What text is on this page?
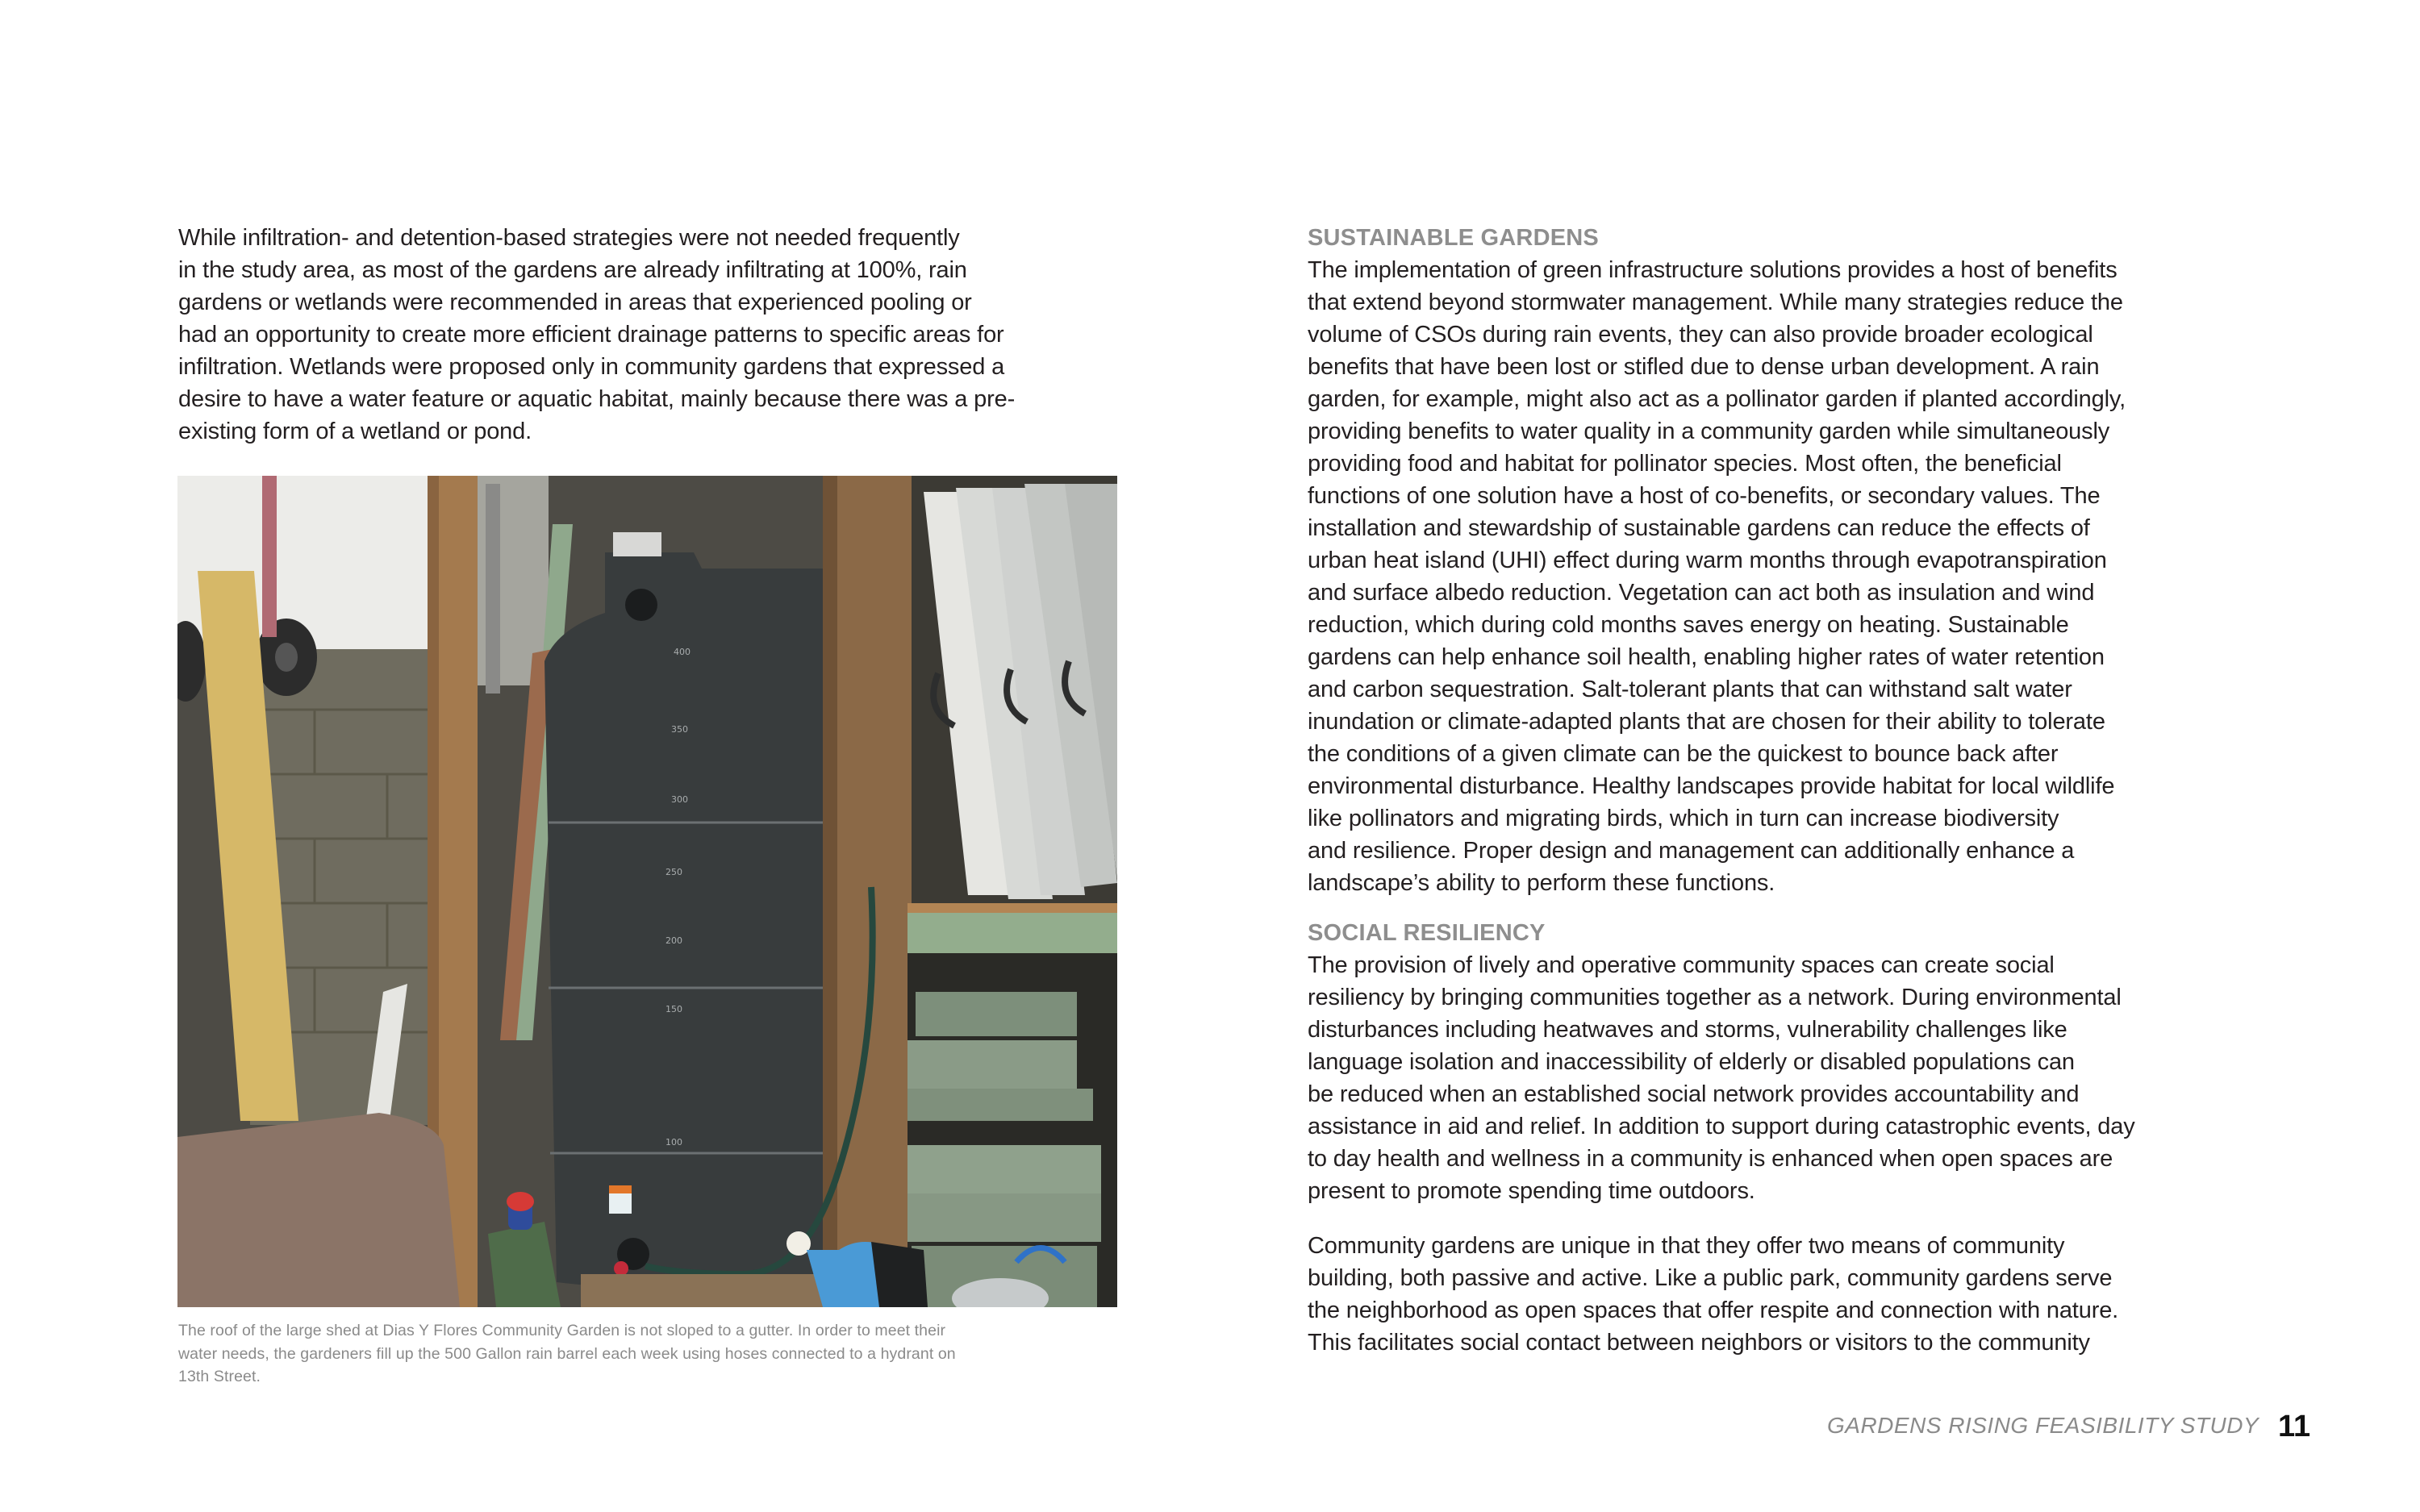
While infiltration- and detention-based strategies were not needed frequently
in the study area, as most of the gardens are already infiltrating at 100%, rain
gardens or wetlands were recommended in areas that experienced pooling or
had an opportunity to create more efficient drainage patterns to specific areas for
infiltration. Wetlands were proposed only in community gardens that expressed a
desire to have a water feature or aquatic habitat, mainly because there was a pre-
existing form of a wetland or pond.
400
350
300
250
200
150
100
The roof of the large shed at Dias Y Flores Community Garden is not sloped to a gutter. In order to meet their
water needs, the gardeners fill up the 500 Gallon rain barrel each week using hoses connected to a hydrant on
13th Street.
SUSTAINABLE GARDENS
The implementation of green infrastructure solutions provides a host of benefits
that extend beyond stormwater management. While many strategies reduce the
volume of CSOs during rain events, they can also provide broader ecological
benefits that have been lost or stifled due to dense urban development. A rain
garden, for example, might also act as a pollinator garden if planted accordingly,
providing benefits to water quality in a community garden while simultaneously
providing food and habitat for pollinator species. Most often, the beneficial
functions of one solution have a host of co-benefits, or secondary values. The
installation and stewardship of sustainable gardens can reduce the effects of
urban heat island (UHI) effect during warm months through evapotranspiration
and surface albedo reduction. Vegetation can act both as insulation and wind
reduction, which during cold months saves energy on heating. Sustainable
gardens can help enhance soil health, enabling higher rates of water retention
and carbon sequestration. Salt-tolerant plants that can withstand salt water
inundation or climate-adapted plants that are chosen for their ability to tolerate
the conditions of a given climate can be the quickest to bounce back after
environmental disturbance. Healthy landscapes provide habitat for local wildlife
like pollinators and migrating birds, which in turn can increase biodiversity
and resilience. Proper design and management can additionally enhance a
landscape’s ability to perform these functions.
SOCIAL RESILIENCY
The provision of lively and operative community spaces can create social
resiliency by bringing communities together as a network. During environmental
disturbances including heatwaves and storms, vulnerability challenges like
language isolation and inaccessibility of elderly or disabled populations can
be reduced when an established social network provides accountability and
assistance in aid and relief. In addition to support during catastrophic events, day
to day health and wellness in a community is enhanced when open spaces are
present to promote spending time outdoors.
Community gardens are unique in that they offer two means of community
building, both passive and active. Like a public park, community gardens serve
the neighborhood as open spaces that offer respite and connection with nature.
This facilitates social contact between neighbors or visitors to the community
GARDENS RISING FEASIBILITY STUDY 11
